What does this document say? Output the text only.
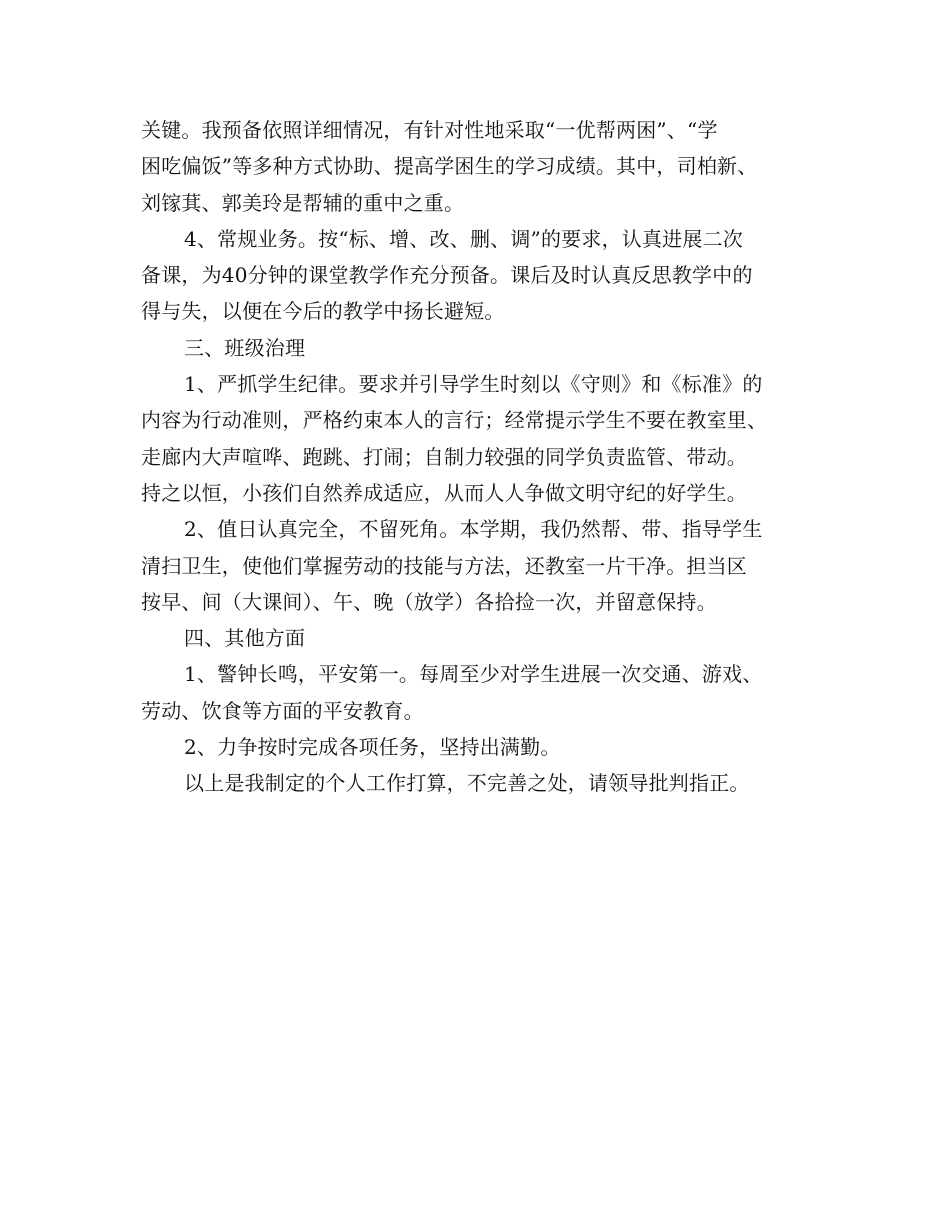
关键。我预备依照详细情况，有针对性地采取“一优帮两困”、“学
困吃偏饭”等多种方式协助、提高学困生的学习成绩。其中，司柏新、
刘镓萁、郭美玲是帮辅的重中之重。
4、常规业务。按“标、增、改、删、调”的要求，认真进展二次
备课，为40分钟的课堂教学作充分预备。课后及时认真反思教学中的
得与失，以便在今后的教学中扬长避短。
三、班级治理
1、严抓学生纪律。要求并引导学生时刻以《守则》和《标准》的
内容为行动准则，严格约束本人的言行；经常提示学生不要在教室里、
走廊内大声喧哗、跑跳、打闹；自制力较强的同学负责监管、带动。
持之以恒，小孩们自然养成适应，从而人人争做文明守纪的好学生。
2、值日认真完全，不留死角。本学期，我仍然帮、带、指导学生
清扫卫生，使他们掌握劳动的技能与方法，还教室一片干净。担当区
按早、间（大课间）、午、晚（放学）各拾捡一次，并留意保持。
四、其他方面
1、警钟长鸣，平安第一。每周至少对学生进展一次交通、游戏、
劳动、饮食等方面的平安教育。
2、力争按时完成各项任务，坚持出满勤。
以上是我制定的个人工作打算，不完善之处，请领导批判指正。
